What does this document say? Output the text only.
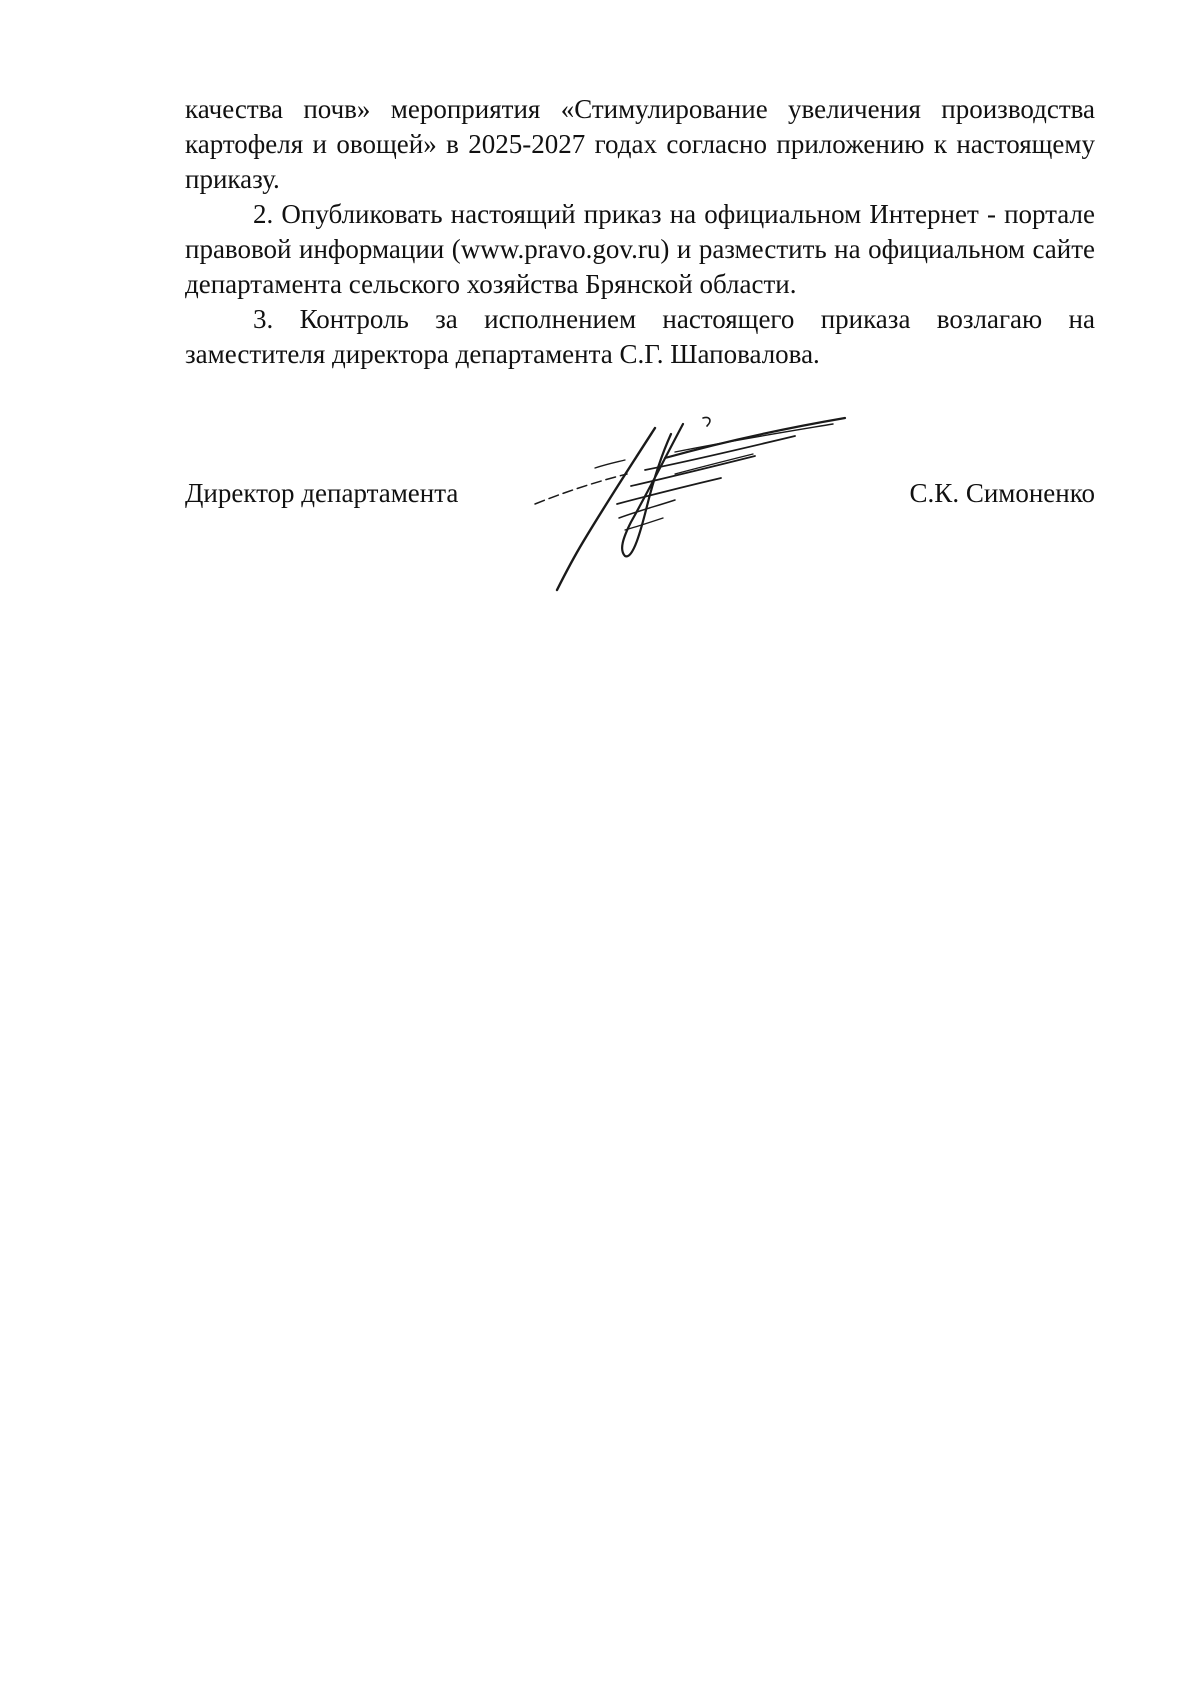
качества почв» мероприятия «Стимулирование увеличения производства картофеля и овощей» в 2025-2027 годах согласно приложению к настоящему приказу.

2. Опубликовать настоящий приказ на официальном Интернет - портале правовой информации (www.pravo.gov.ru) и разместить на официальном сайте департамента сельского хозяйства Брянской области.

3. Контроль за исполнением настоящего приказа возлагаю на заместителя директора департамента С.Г. Шаповалова.

Директор департамента	С.К. Симоненко
